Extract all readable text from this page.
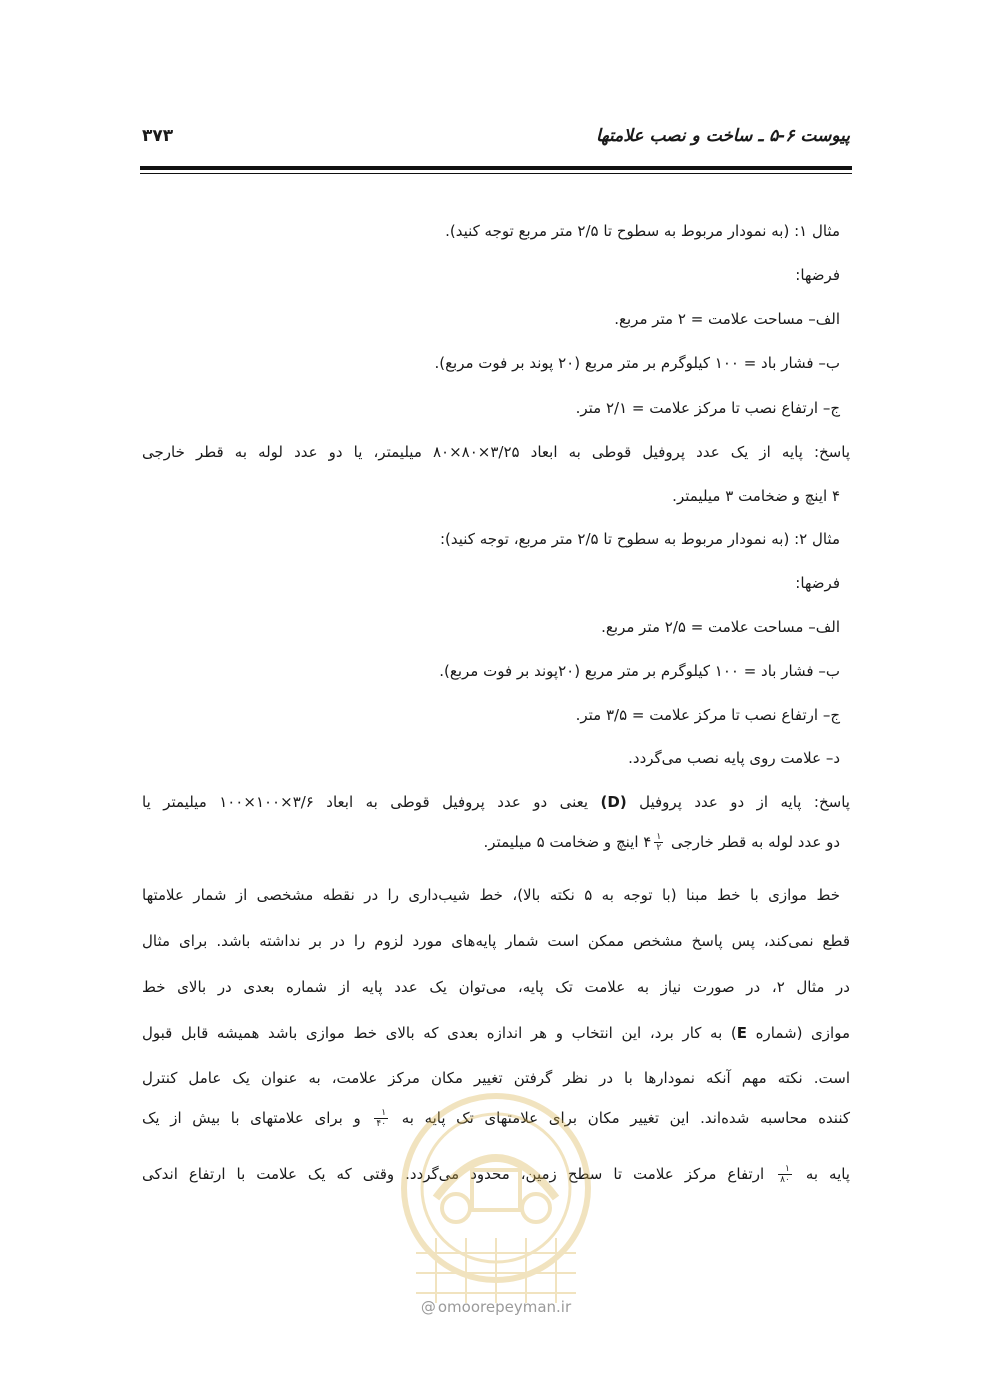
۳۷۳	پیوست ۶-۵ ـ ساخت و نصب علامتها
مثال ۱: (به نمودار مربوط به سطوح تا ۲/۵ متر مربع توجه کنید).
فرضها:
الف– مساحت علامت = ۲ متر مربع.
ب– فشار باد = ۱۰۰ کیلوگرم بر متر مربع (۲۰ پوند بر فوت مربع).
ج– ارتفاع نصب تا مرکز علامت = ۲/۱ متر.
پاسخ: پایه از یک عدد پروفیل قوطی به ابعاد ۳/۲۵×۸۰×۸۰ میلیمتر، یا دو عدد لوله به قطر خارجی
۴ اینچ و ضخامت ۳ میلیمتر.
مثال ۲: (به نمودار مربوط به سطوح تا ۲/۵ متر مربع، توجه کنید):
فرضها:
الف– مساحت علامت = ۲/۵ متر مربع.
ب– فشار باد = ۱۰۰ کیلوگرم بر متر مربع (۲۰پوند بر فوت مربع).
ج– ارتفاع نصب تا مرکز علامت = ۳/۵ متر.
د– علامت روی پایه نصب می‌گردد.
پاسخ: پایه از دو عدد پروفیل (D) یعنی دو عدد پروفیل قوطی به ابعاد ۳/۶×۱۰۰×۱۰۰ میلیمتر یا
دو عدد لوله به قطر خارجی
$\frac{۱}{۲}$
۴ اینچ و ضخامت ۵ میلیمتر.
خط موازی با خط مبنا (با توجه به ۵ نکته بالا)، خط شیب‌داری را در نقطه مشخصی از شمار علامتها
قطع نمی‌کند، پس پاسخ مشخص ممکن است شمار پایه‌های مورد لزوم را در بر نداشته باشد. برای مثال
در مثال ۲، در صورت نیاز به علامت تک پایه، می‌توان یک عدد پایه از شماره بعدی در بالای خط
موازی (شماره E) به کار برد، این انتخاب و هر اندازه بعدی که بالای خط موازی باشد همیشه قابل قبول
است. نکته مهم آنکه نمودارها با در نظر گرفتن تغییر مکان مرکز علامت، به عنوان یک عامل کنترل
کننده محاسبه شده‌اند. این تغییر مکان برای علامتهای تک پایه به
$\frac{۱}{۴۰}$
و برای علامتهای با بیش از یک
پایه به
$\frac{۱}{۸۰}$
ارتفاع مرکز علامت تا سطح زمین، محدود می‌گردد. وقتی که یک علامت با ارتفاع اندکی
@ omoorepeyman.ir
